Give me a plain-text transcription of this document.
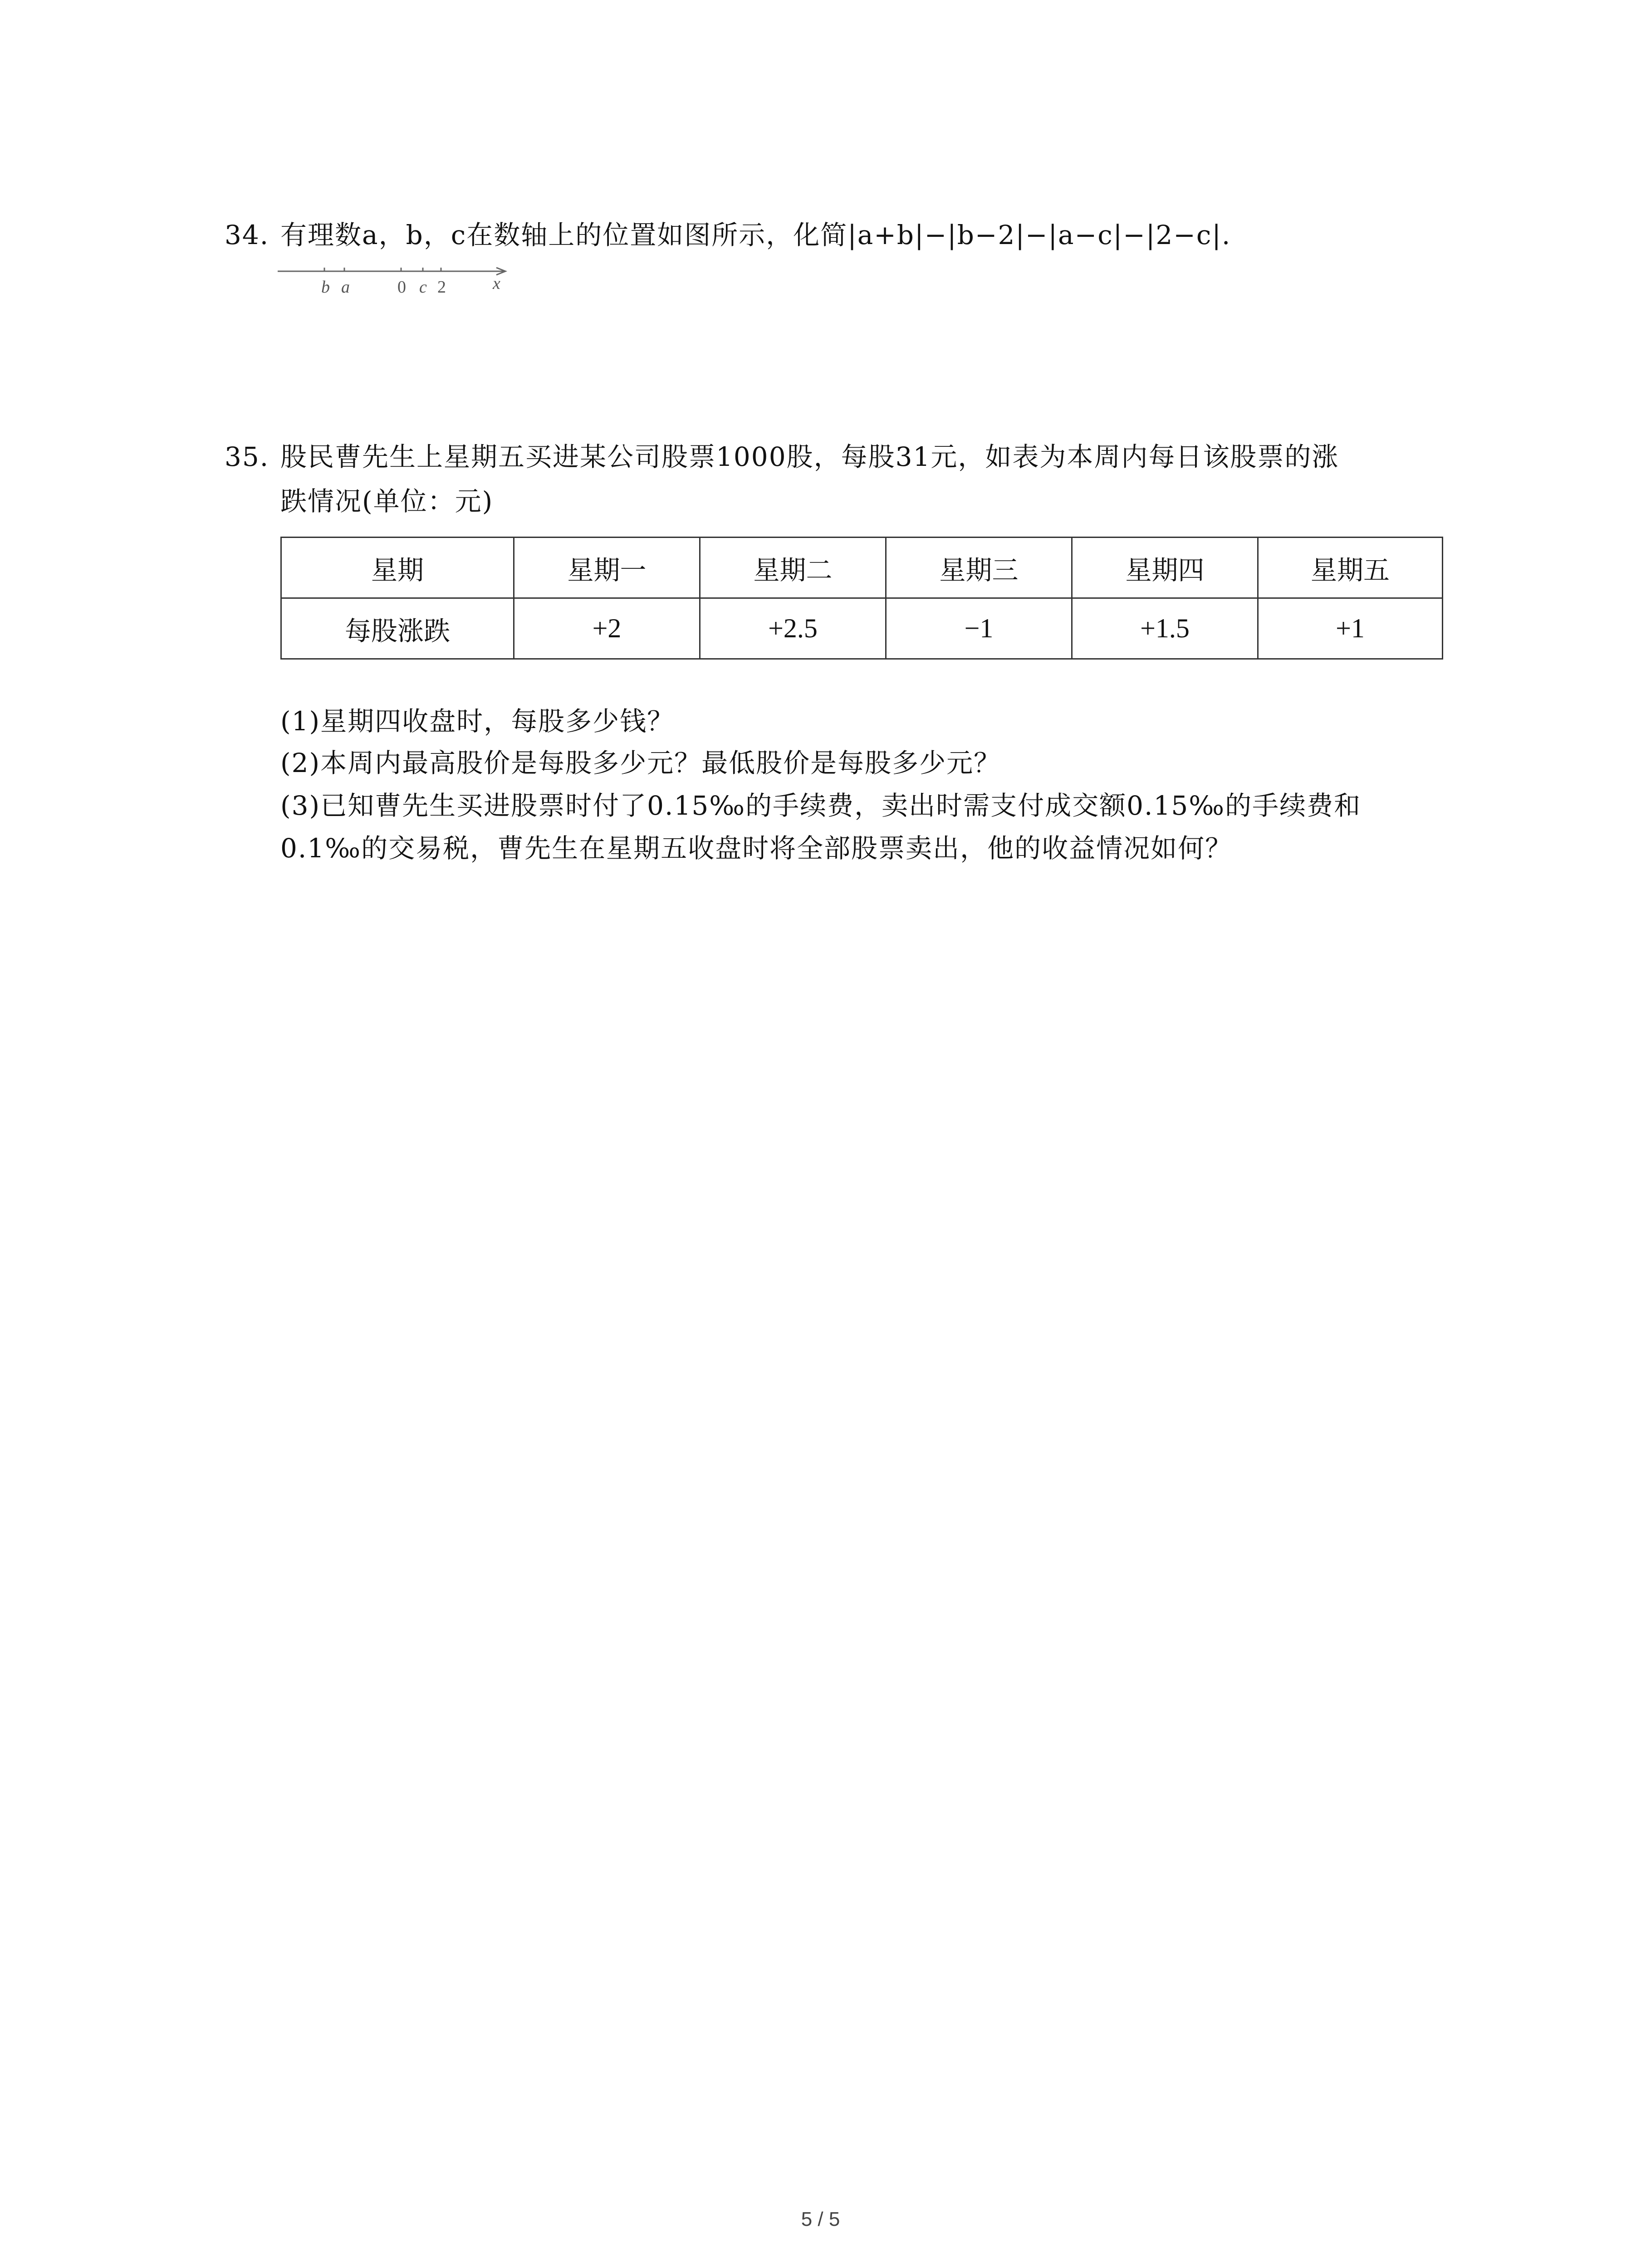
34. 有理数a，b，c在数轴上的位置如图所示，化简|a+b|−|b−2|−|a−c|−|2−c|.
b a	0 c 2	x
35. 股民曹先生上星期五买进某公司股票1000股，每股31元，如表为本周内每日该股票的涨
跌情况(单位：元)
星期	星期一	星期二	星期三	星期四	星期五
每股涨跌	+2	+2.5	−1	+1.5	+1
(1)星期四收盘时，每股多少钱？
(2)本周内最高股价是每股多少元？最低股价是每股多少元？
(3)已知曹先生买进股票时付了0.15‰的手续费，卖出时需支付成交额0.15‰的手续费和
0.1‰的交易税，曹先生在星期五收盘时将全部股票卖出，他的收益情况如何？
5 / 5
